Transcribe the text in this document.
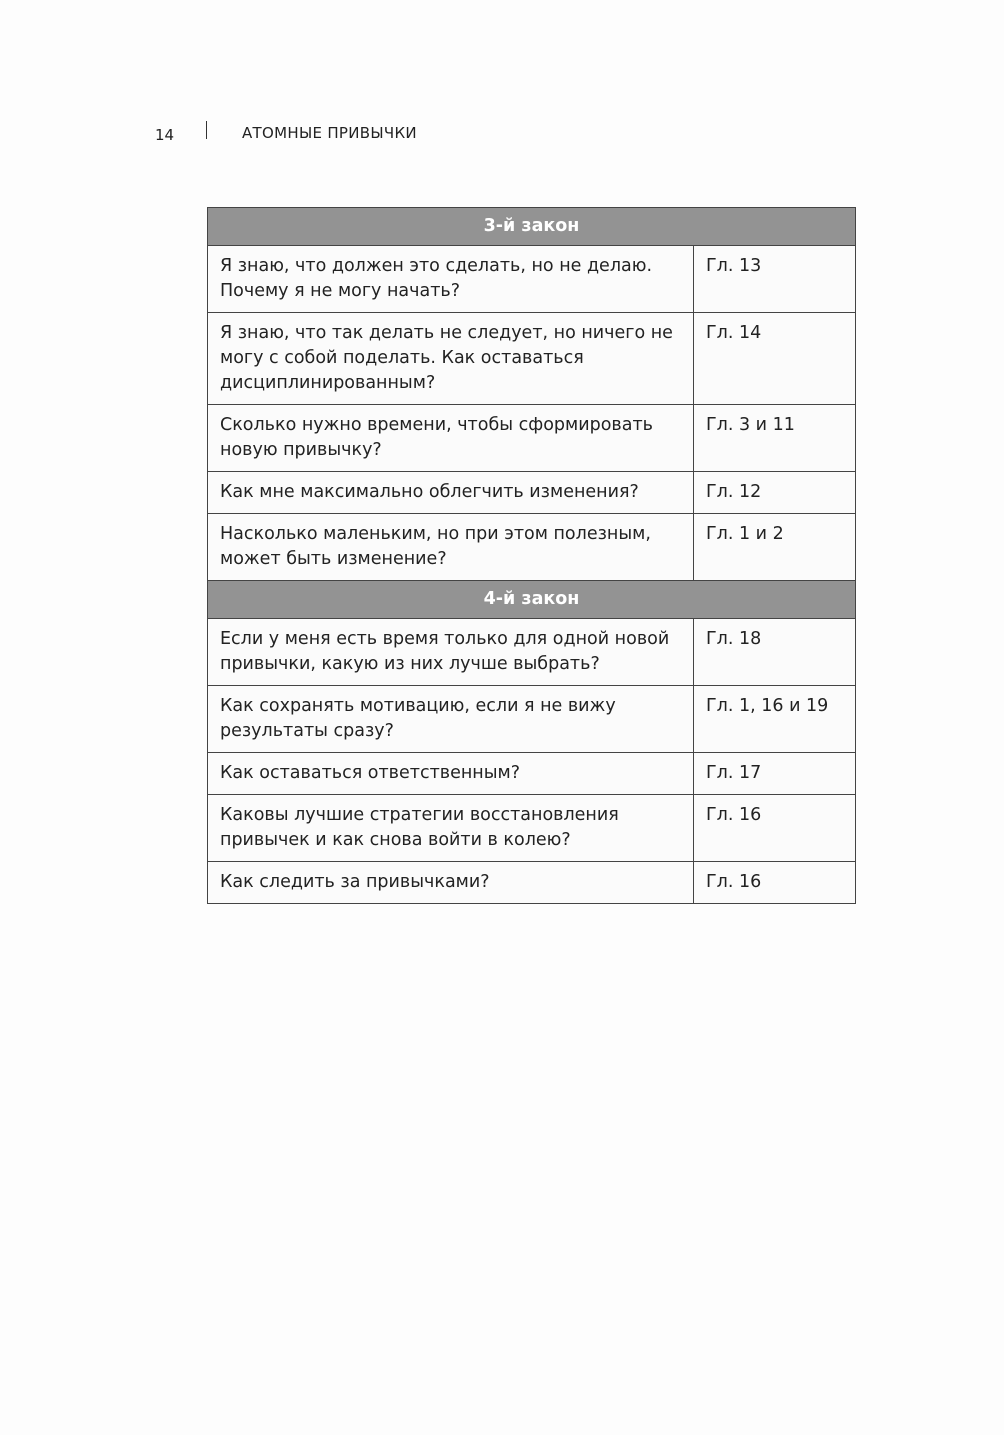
14	АТОМНЫЕ ПРИВЫЧКИ
3-й закон	
Я знаю, что должен это сделать, но не делаю. Почему я не могу начать?	Гл. 13
Я знаю, что так делать не следует, но ничего не могу с собой поделать. Как оставаться дисциплинированным?	Гл. 14
Сколько нужно времени, чтобы сформировать новую привычку?	Гл. 3 и 11
Как мне максимально облегчить изменения?	Гл. 12
Насколько маленьким, но при этом полезным, может быть изменение?	Гл. 1 и 2
4-й закон	
Если у меня есть время только для одной новой привычки, какую из них лучше выбрать?	Гл. 18
Как сохранять мотивацию, если я не вижу результаты сразу?	Гл. 1, 16 и 19
Как оставаться ответственным?	Гл. 17
Каковы лучшие стратегии восстановления привычек и как снова войти в колею?	Гл. 16
Как следить за привычками?	Гл. 16
